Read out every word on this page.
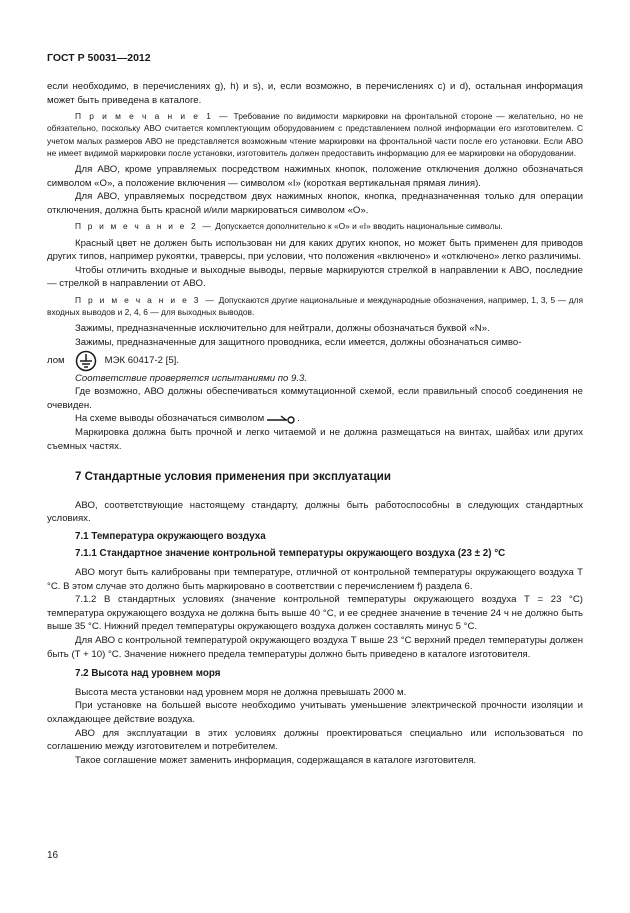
ГОСТ Р 50031—2012

если необходимо, в перечислениях g), h) и s), и, если возможно, в перечислениях с) и d), остальная информация может быть приведена в каталоге.

П р и м е ч а н и е 1 — Требование по видимости маркировки на фронтальной стороне — желательно, но не обязательно, поскольку АВО считается комплектующим оборудованием с представлением полной информации его изготовителем. С учетом малых размеров АВО не представляется возможным чтение маркировки на фронтальной части после его установки. Если АВО не имеет видимой маркировки после установки, изготовитель должен предоставить информацию для ее маркировки на оборудовании.

Для АВО, кроме управляемых посредством нажимных кнопок, положение отключения должно обозначаться символом «О», а положение включения — символом «I» (короткая вертикальная прямая линия).

Для АВО, управляемых посредством двух нажимных кнопок, кнопка, предназначенная только для операции отключения, должна быть красной и/или маркироваться символом «О».

П р и м е ч а н и е 2 — Допускается дополнительно к «О» и «I» вводить национальные символы.

Красный цвет не должен быть использован ни для каких других кнопок, но может быть применен для приводов других типов, например рукоятки, траверсы, при условии, что положения «включено» и «отключено» легко различимы.

Чтобы отличить входные и выходные выводы, первые маркируются стрелкой в направлении к АВО, последние — стрелкой в направлении от АВО.

П р и м е ч а н и е 3 — Допускаются другие национальные и международные обозначения, например, 1, 3, 5 — для входных выводов и 2, 4, 6 — для выходных выводов.

Зажимы, предназначенные исключительно для нейтрали, должны обозначаться буквой «N».

Зажимы, предназначенные для защитного проводника, если имеется, должны обозначаться симво-

лом	МЭК 60417-2 [5].

Соответствие проверяется испытаниями по 9.3.

Где возможно, АВО должны обеспечиваться коммутационной схемой, если правильный способ соединения не очевиден.

На схеме выводы обозначаться символом	.

Маркировка должна быть прочной и легко читаемой и не должна размещаться на винтах, шайбах или других съемных частях.

7 Стандартные условия применения при эксплуатации

АВО, соответствующие настоящему стандарту, должны быть работоспособны в следующих стандартных условиях.

7.1 Температура окружающего воздуха
7.1.1 Стандартное значение контрольной температуры окружающего воздуха (23 ± 2) °С

АВО могут быть калиброваны при температуре, отличной от контрольной температуры окружающего воздуха Т °С. В этом случае это должно быть маркировано в соответствии с перечислением f) раздела 6.

7.1.2 В стандартных условиях (значение контрольной температуры окружающего воздуха Т = 23 °С) температура окружающего воздуха не должна быть выше 40 °С, и ее среднее значение в течение 24 ч не должно быть выше 35 °С. Нижний предел температуры окружающего воздуха должен составлять минус 5 °С.

Для АВО с контрольной температурой окружающего воздуха Т выше 23 °С верхний предел температуры должен быть (Т + 10) °С. Значение нижнего предела температуры должно быть приведено в каталоге изготовителя.

7.2 Высота над уровнем моря

Высота места установки над уровнем моря не должна превышать 2000 м.

При установке на большей высоте необходимо учитывать уменьшение электрической прочности изоляции и охлаждающее действие воздуха.

АВО для эксплуатации в этих условиях должны проектироваться специально или использоваться по соглашению между изготовителем и потребителем.

Такое соглашение может заменить информация, содержащаяся в каталоге изготовителя.

16
